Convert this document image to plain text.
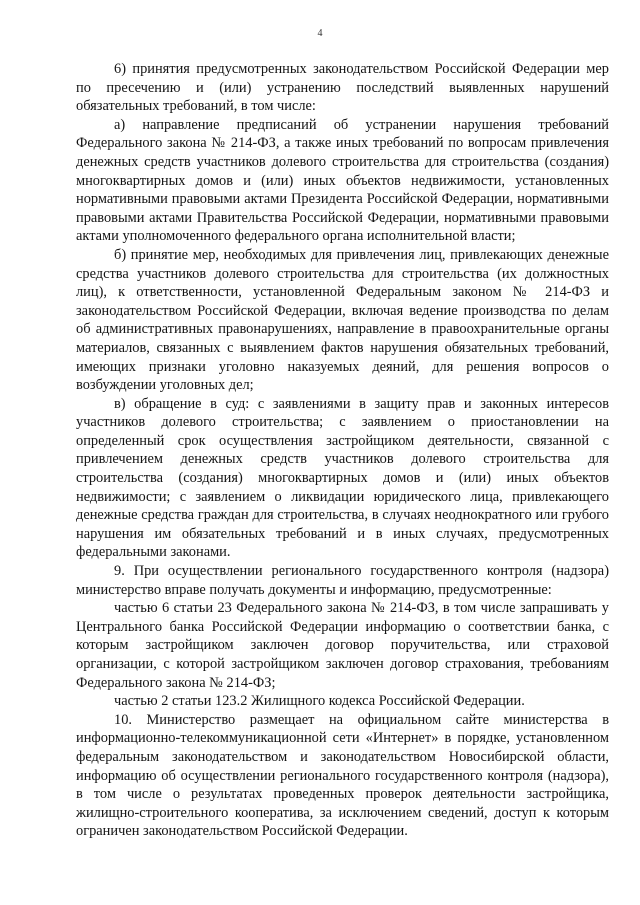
4

6) принятия предусмотренных законодательством Российской Федерации мер по пресечению и (или) устранению последствий выявленных нарушений обязательных требований, в том числе:

а) направление предписаний об устранении нарушения требований Федерального закона № 214-ФЗ, а также иных требований по вопросам привлечения денежных средств участников долевого строительства для строительства (создания) многоквартирных домов и (или) иных объектов недвижимости, установленных нормативными правовыми актами Президента Российской Федерации, нормативными правовыми актами Правительства Российской Федерации, нормативными правовыми актами уполномоченного федерального органа исполнительной власти;

б) принятие мер, необходимых для привлечения лиц, привлекающих денежные средства участников долевого строительства для строительства (их должностных лиц), к ответственности, установленной Федеральным законом № 214-ФЗ и законодательством Российской Федерации, включая ведение производства по делам об административных правонарушениях, направление в правоохранительные органы материалов, связанных с выявлением фактов нарушения обязательных требований, имеющих признаки уголовно наказуемых деяний, для решения вопросов о возбуждении уголовных дел;

в) обращение в суд: с заявлениями в защиту прав и законных интересов участников долевого строительства; с заявлением о приостановлении на определенный срок осуществления застройщиком деятельности, связанной с привлечением денежных средств участников долевого строительства для строительства (создания) многоквартирных домов и (или) иных объектов недвижимости; с заявлением о ликвидации юридического лица, привлекающего денежные средства граждан для строительства, в случаях неоднократного или грубого нарушения им обязательных требований и в иных случаях, предусмотренных федеральными законами.

9. При осуществлении регионального государственного контроля (надзора) министерство вправе получать документы и информацию, предусмотренные:

частью 6 статьи 23 Федерального закона № 214-ФЗ, в том числе запрашивать у Центрального банка Российской Федерации информацию о соответствии банка, с которым застройщиком заключен договор поручительства, или страховой организации, с которой застройщиком заключен договор страхования, требованиям Федерального закона № 214-ФЗ;

частью 2 статьи 123.2 Жилищного кодекса Российской Федерации.

10. Министерство размещает на официальном сайте министерства в информационно-телекоммуникационной сети «Интернет» в порядке, установленном федеральным законодательством и законодательством Новосибирской области, информацию об осуществлении регионального государственного контроля (надзора), в том числе о результатах проведенных проверок деятельности застройщика, жилищно-строительного кооператива, за исключением сведений, доступ к которым ограничен законодательством Российской Федерации.
